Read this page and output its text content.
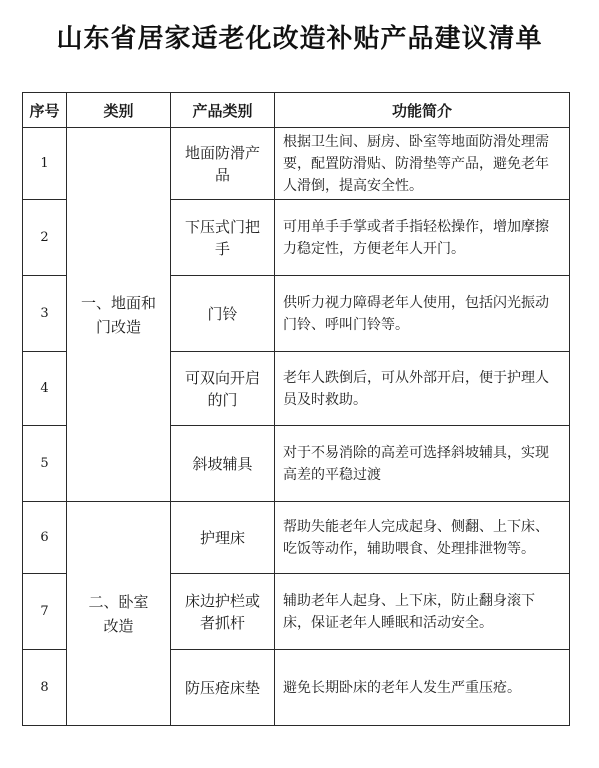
山东省居家适老化改造补贴产品建议清单
序号	类别	产品类别	功能简介
1	一、地面和门改造	地面防滑产品	根据卫生间、厨房、卧室等地面防滑处理需要，配置防滑贴、防滑垫等产品，避免老年人滑倒，提高安全性。
2		下压式门把手	可用单手手掌或者手指轻松操作，增加摩擦力稳定性，方便老年人开门。
3		门铃	供听力视力障碍老年人使用，包括闪光振动门铃、呼叫门铃等。
4		可双向开启的门	老年人跌倒后，可从外部开启，便于护理人员及时救助。
5		斜坡辅具	对于不易消除的高差可选择斜坡辅具，实现高差的平稳过渡
6	二、卧室改造	护理床	帮助失能老年人完成起身、侧翻、上下床、吃饭等动作，辅助喂食、处理排泄物等。
7		床边护栏或者抓杆	辅助老年人起身、上下床，防止翻身滚下床，保证老年人睡眠和活动安全。
8		防压疮床垫	避免长期卧床的老年人发生严重压疮。
